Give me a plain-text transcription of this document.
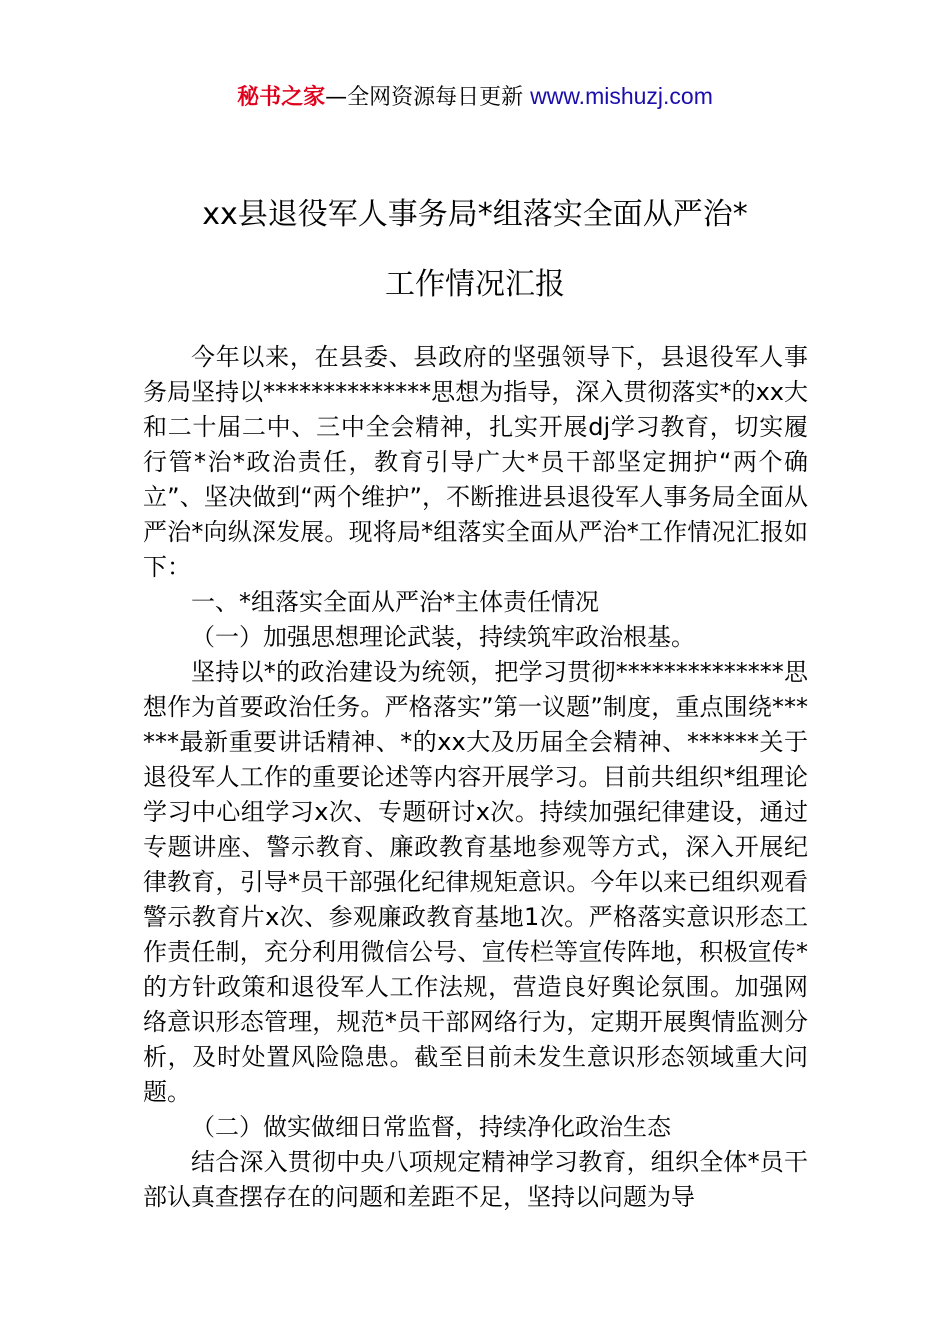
秘书之家—全网资源每日更新 www.mishuzj.com
xx县退役军人事务局*组落实全面从严治*
工作情况汇报

今年以来，在县委、县政府的坚强领导下，县退役军人事务局坚持以**************思想为指导，深入贯彻落实*的xx大和二十届二中、三中全会精神，扎实开展dj学习教育，切实履行管*治*政治责任，教育引导广大*员干部坚定拥护“两个确立”、坚决做到“两个维护”，不断推进县退役军人事务局全面从严治*向纵深发展。现将局*组落实全面从严治*工作情况汇报如下：

一、*组落实全面从严治*主体责任情况

（一）加强思想理论武装，持续筑牢政治根基。

坚持以*的政治建设为统领，把学习贯彻**************思想作为首要政治任务。严格落实”第一议题”制度，重点围绕******最新重要讲话精神、*的xx大及历届全会精神、******关于退役军人工作的重要论述等内容开展学习。目前共组织*组理论学习中心组学习x次、专题研讨x次。持续加强纪律建设，通过专题讲座、警示教育、廉政教育基地参观等方式，深入开展纪律教育，引导*员干部强化纪律规矩意识。今年以来已组织观看警示教育片x次、参观廉政教育基地1次。严格落实意识形态工作责任制，充分利用微信公号、宣传栏等宣传阵地，积极宣传*的方针政策和退役军人工作法规，营造良好舆论氛围。加强网络意识形态管理，规范*员干部网络行为，定期开展舆情监测分析，及时处置风险隐患。截至目前未发生意识形态领域重大问题。

（二）做实做细日常监督，持续净化政治生态

结合深入贯彻中央八项规定精神学习教育，组织全体*员干部认真查摆存在的问题和差距不足，坚持以问题为导
